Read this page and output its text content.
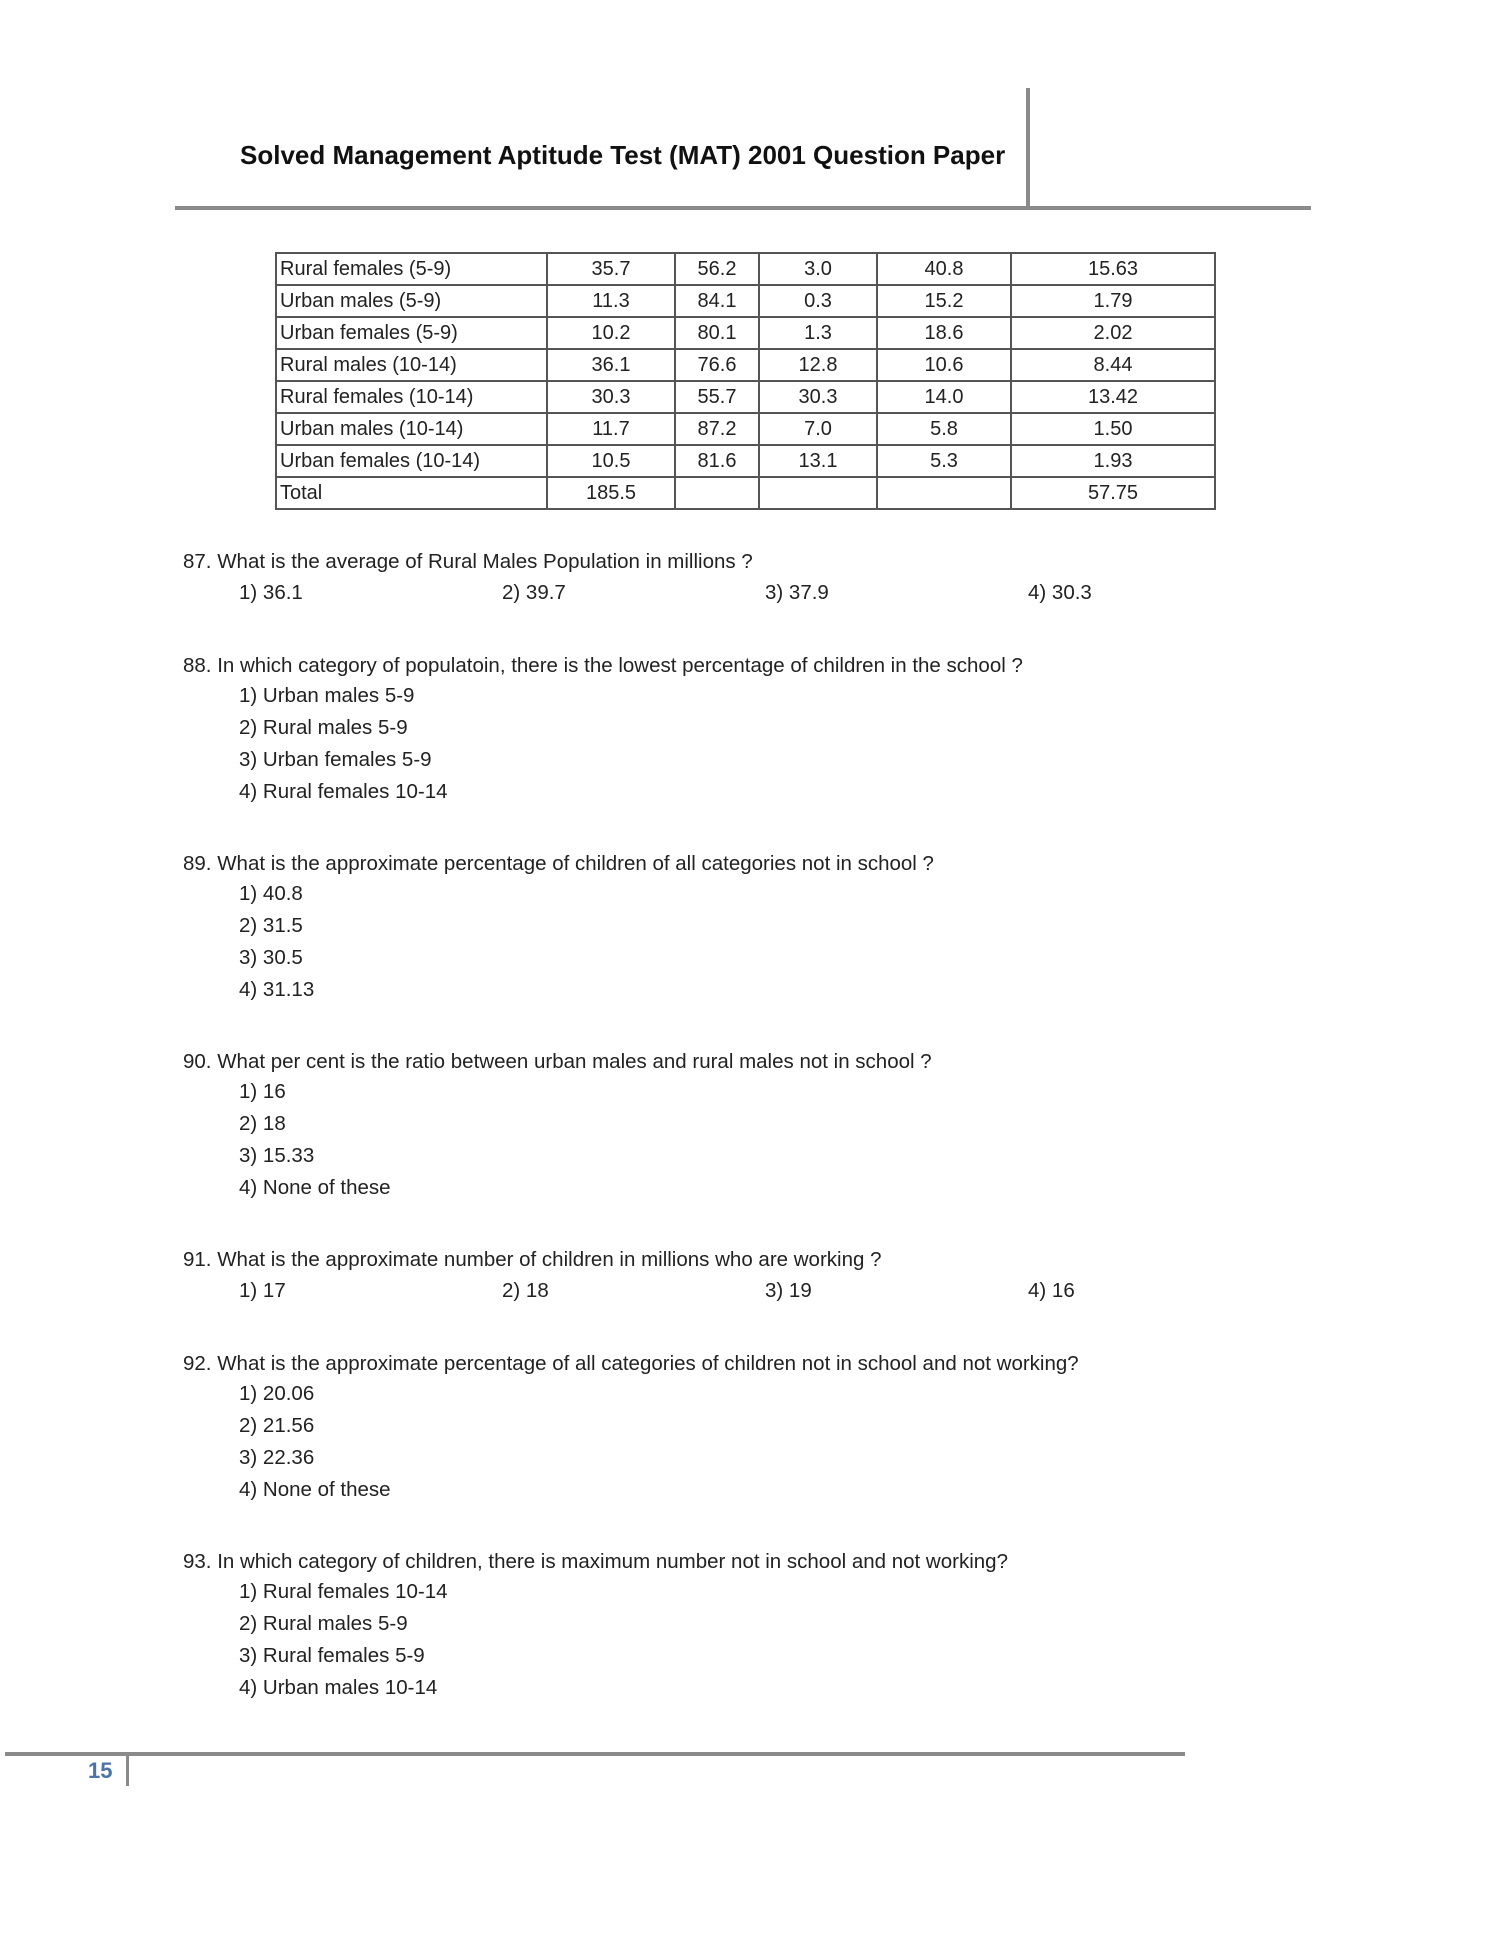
Solved Management Aptitude Test (MAT) 2001 Question Paper
Rural females (5-9)	35.7	56.2	3.0	40.8	15.63
Urban males (5-9)	11.3	84.1	0.3	15.2	1.79
Urban females (5-9)	10.2	80.1	1.3	18.6	2.02
Rural males (10-14)	36.1	76.6	12.8	10.6	8.44
Rural females (10-14)	30.3	55.7	30.3	14.0	13.42
Urban males (10-14)	11.7	87.2	7.0	5.8	1.50
Urban females (10-14)	10.5	81.6	13.1	5.3	1.93
Total	185.5				57.75
87. What is the average of Rural Males Population in millions ?
1) 36.1	2) 39.7	3) 37.9	4) 30.3
88. In which category of populatoin, there is the lowest percentage of children in the school ?
1) Urban males 5-9
2) Rural males 5-9
3) Urban females 5-9
4) Rural females 10-14
89. What is the approximate percentage of children of all categories not in school ?
1) 40.8
2) 31.5
3) 30.5
4) 31.13
90. What per cent is the ratio between urban males and rural males not in school ?
1) 16
2) 18
3) 15.33
4) None of these
91. What is the approximate number of children in millions who are working ?
1) 17	2) 18	3) 19	4) 16
92. What is the approximate percentage of all categories of children not in school and not working?
1) 20.06
2) 21.56
3) 22.36
4) None of these
93. In which category of children, there is maximum number not in school and not working?
1) Rural females 10-14
2) Rural males 5-9
3) Rural females 5-9
4) Urban males 10-14
15
